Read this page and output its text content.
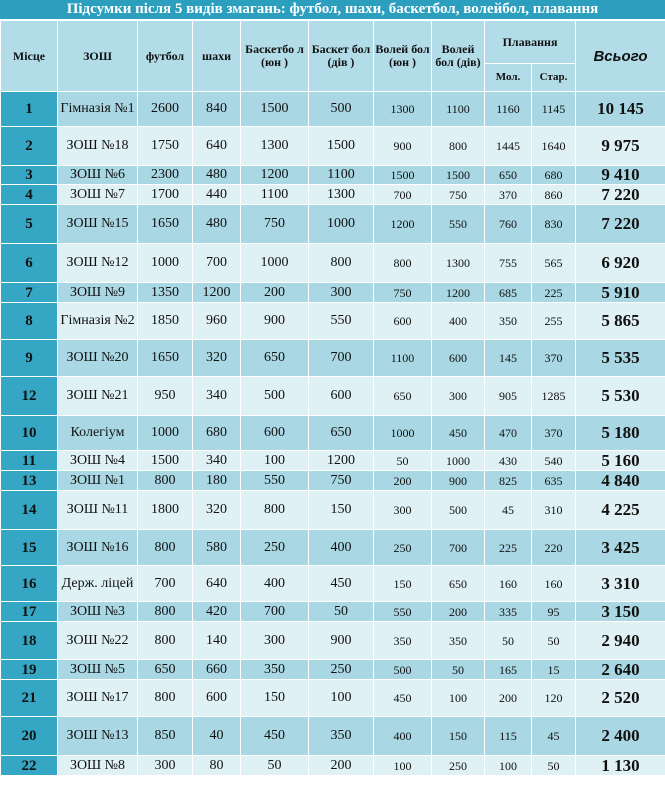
Підсумки після 5 видів змагань: футбол, шахи, баскетбол, волейбол, плавання
Місце	ЗОШ	футбол	шахи	Баскетбо л (юн )	Баскет бол (дів )	Волей бол (юн )	Волей бол (дів)	Плавання		Всього
								Мол.	Стар.	
1	Гімназія №1	2600	840	1500	500	1300	1100	1160	1145	10 145
2	ЗОШ №18	1750	640	1300	1500	900	800	1445	1640	9 975
3	ЗОШ №6	2300	480	1200	1100	1500	1500	650	680	9 410
4	ЗОШ №7	1700	440	1100	1300	700	750	370	860	7 220
5	ЗОШ №15	1650	480	750	1000	1200	550	760	830	7 220
6	ЗОШ №12	1000	700	1000	800	800	1300	755	565	6 920
7	ЗОШ №9	1350	1200	200	300	750	1200	685	225	5 910
8	Гімназія №2	1850	960	900	550	600	400	350	255	5 865
9	ЗОШ №20	1650	320	650	700	1100	600	145	370	5 535
12	ЗОШ №21	950	340	500	600	650	300	905	1285	5 530
10	Колегіум	1000	680	600	650	1000	450	470	370	5 180
11	ЗОШ №4	1500	340	100	1200	50	1000	430	540	5 160
13	ЗОШ №1	800	180	550	750	200	900	825	635	4 840
14	ЗОШ №11	1800	320	800	150	300	500	45	310	4 225
15	ЗОШ №16	800	580	250	400	250	700	225	220	3 425
16	Держ. ліцей	700	640	400	450	150	650	160	160	3 310
17	ЗОШ №3	800	420	700	50	550	200	335	95	3 150
18	ЗОШ №22	800	140	300	900	350	350	50	50	2 940
19	ЗОШ №5	650	660	350	250	500	50	165	15	2 640
21	ЗОШ №17	800	600	150	100	450	100	200	120	2 520
20	ЗОШ №13	850	40	450	350	400	150	115	45	2 400
22	ЗОШ №8	300	80	50	200	100	250	100	50	1 130
